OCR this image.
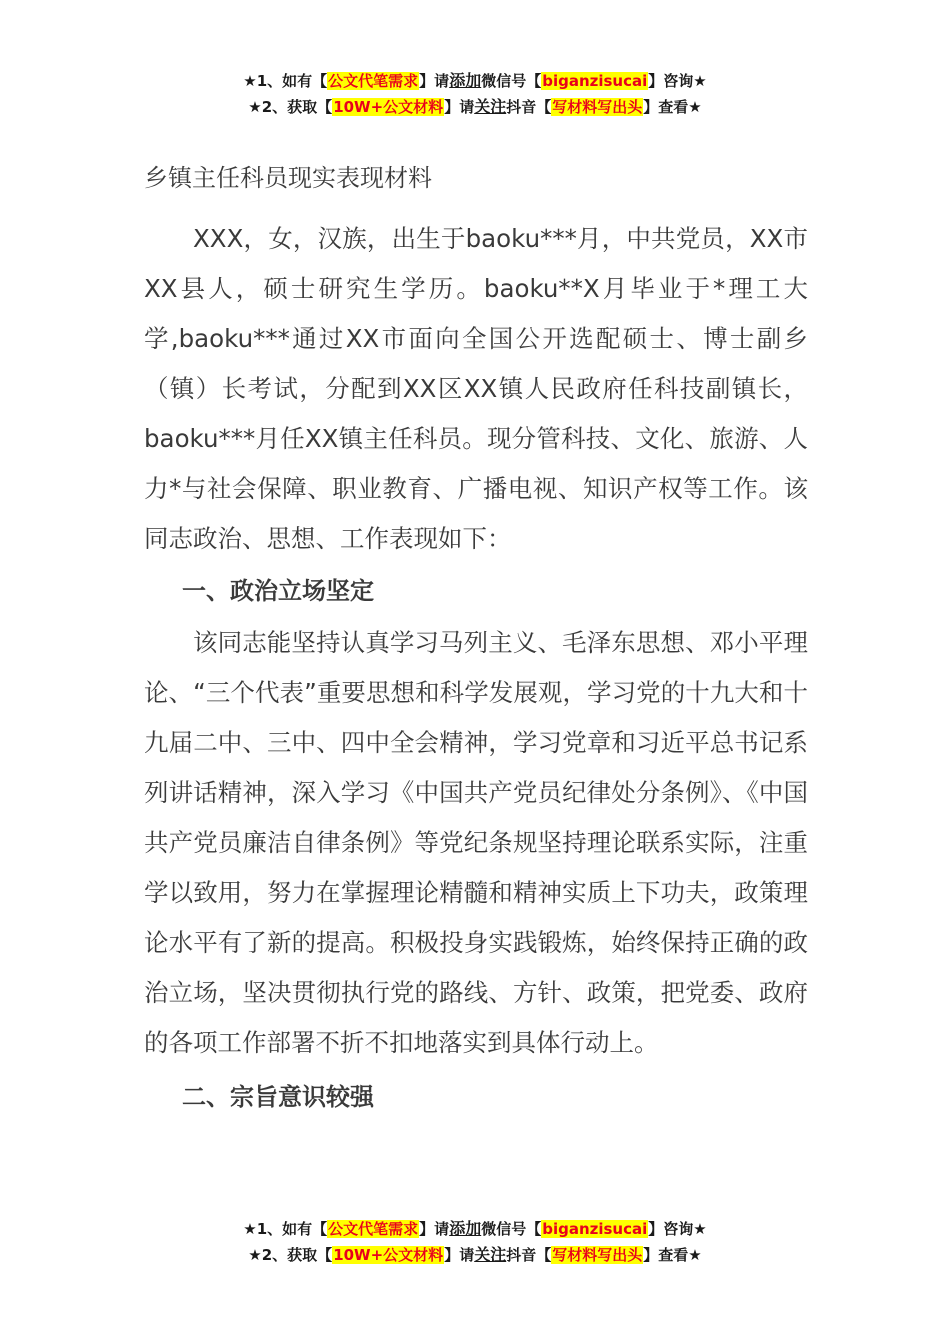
★1、如有【公文代笔需求】请添加微信号【biganzisucai】咨询★
★2、获取【10W+公文材料】请关注抖音【写材料写出头】查看★
乡镇主任科员现实表现材料

XXX，女，汉族，出生于baoku***月，中共党员，XX市XX县人，硕士研究生学历。baoku**X月毕业于*理工大学,baoku***通过XX市面向全国公开选配硕士、博士副乡（镇）长考试，分配到XX区XX镇人民政府任科技副镇长，baoku***月任XX镇主任科员。现分管科技、文化、旅游、人力*与社会保障、职业教育、广播电视、知识产权等工作。该同志政治、思想、工作表现如下：

一、政治立场坚定

该同志能坚持认真学习马列主义、毛泽东思想、邓小平理论、“三个代表”重要思想和科学发展观，学习党的十九大和十九届二中、三中、四中全会精神，学习党章和习近平总书记系列讲话精神，深入学习《中国共产党员纪律处分条例》、《中国共产党员廉洁自律条例》等党纪条规坚持理论联系实际，注重学以致用，努力在掌握理论精髓和精神实质上下功夫，政策理论水平有了新的提高。积极投身实践锻炼，始终保持正确的政治立场，坚决贯彻执行党的路线、方针、政策，把党委、政府的各项工作部署不折不扣地落实到具体行动上。

二、宗旨意识较强

★1、如有【公文代笔需求】请添加微信号【biganzisucai】咨询★
★2、获取【10W+公文材料】请关注抖音【写材料写出头】查看★
